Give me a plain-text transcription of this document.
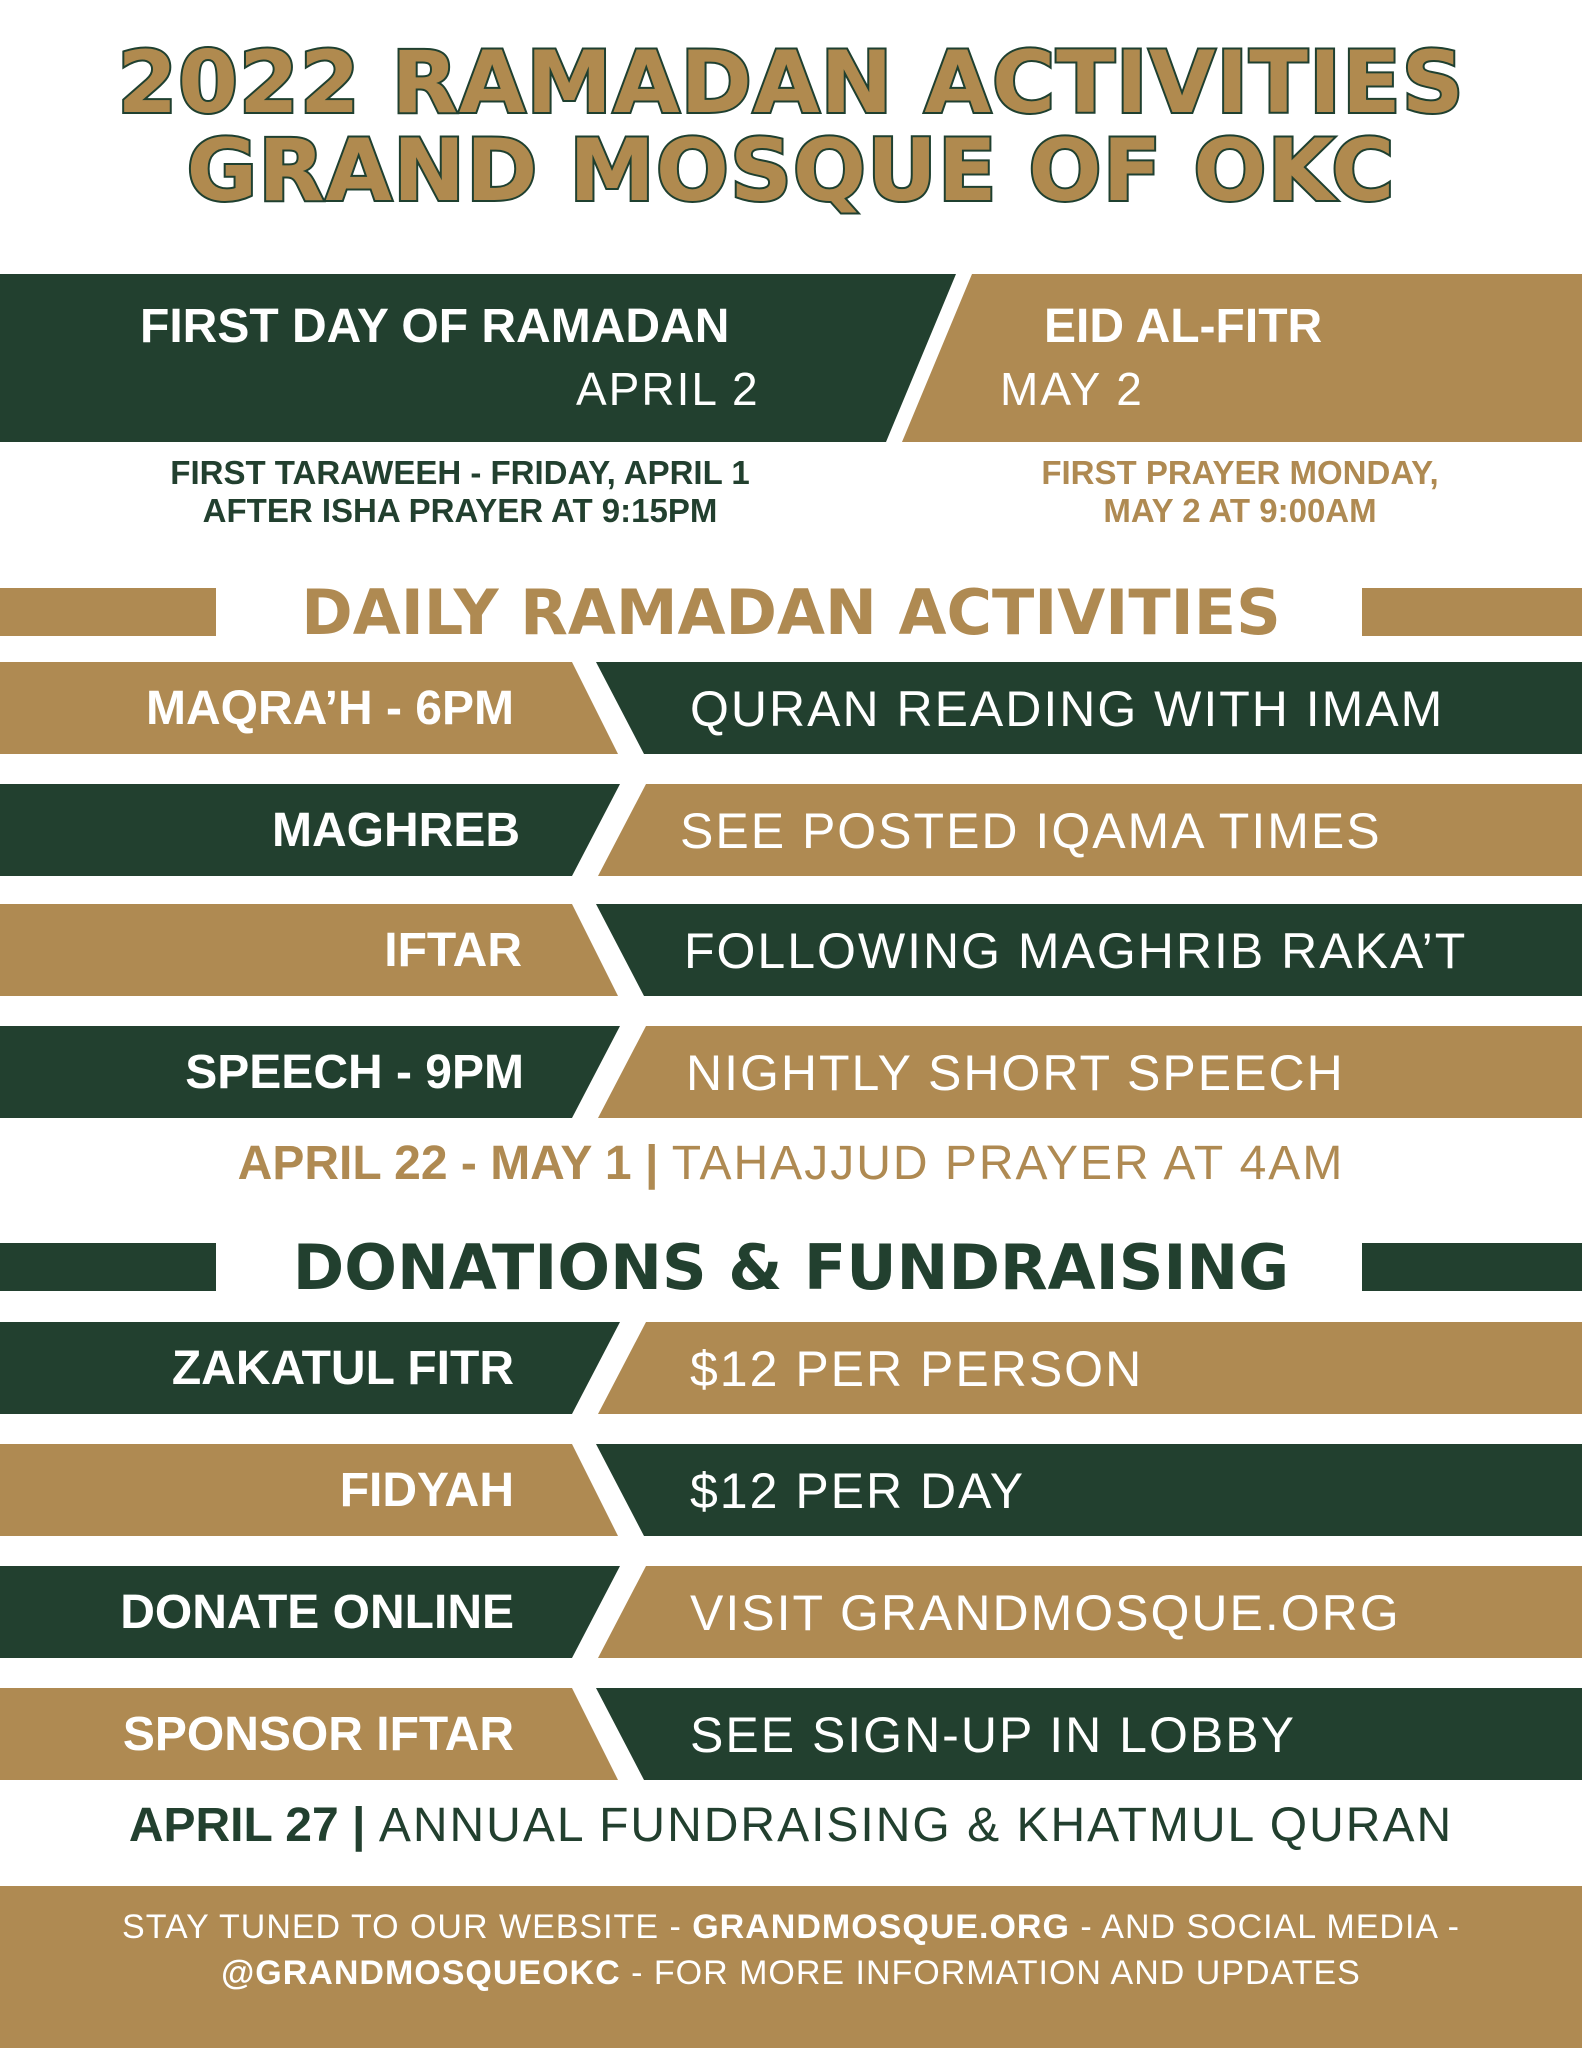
2022 RAMADAN ACTIVITIES
GRAND MOSQUE OF OKC
FIRST DAY OF RAMADAN
APRIL 2
EID AL-FITR
MAY 2
FIRST TARAWEEH - FRIDAY, APRIL 1
AFTER ISHA PRAYER AT 9:15PM
FIRST PRAYER MONDAY,
MAY 2 AT 9:00AM
DAILY RAMADAN ACTIVITIES
MAQRA’H - 6PM	QURAN READING WITH IMAM
MAGHREB	SEE POSTED IQAMA TIMES
IFTAR	FOLLOWING MAGHRIB RAKA’T
SPEECH - 9PM	NIGHTLY SHORT SPEECH
APRIL 22 - MAY 1 | TAHAJJUD PRAYER AT 4AM
DONATIONS & FUNDRAISING
ZAKATUL FITR	$12 PER PERSON
FIDYAH	$12 PER DAY
DONATE ONLINE	VISIT GRANDMOSQUE.ORG
SPONSOR IFTAR	SEE SIGN-UP IN LOBBY
APRIL 27 | ANNUAL FUNDRAISING & KHATMUL QURAN
STAY TUNED TO OUR WEBSITE - GRANDMOSQUE.ORG - AND SOCIAL MEDIA -
@GRANDMOSQUEOKC - FOR MORE INFORMATION AND UPDATES
